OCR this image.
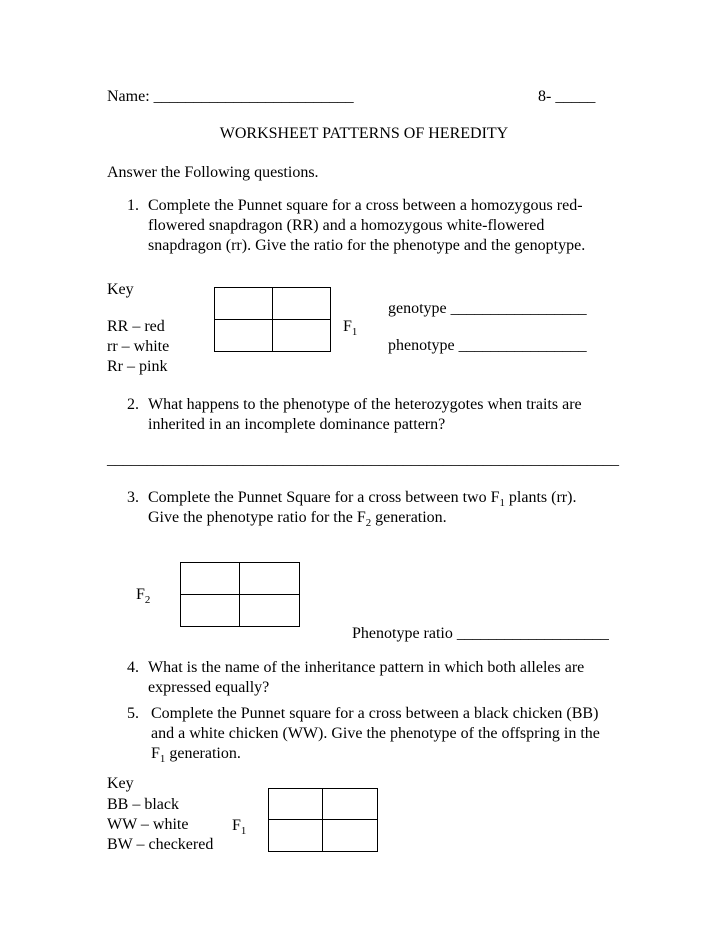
Name: _________________________	8- _____
WORKSHEET PATTERNS OF HEREDITY
Answer the Following questions.
1. Complete the Punnet square for a cross between a homozygous red-
flowered snapdragon (RR) and a homozygous white-flowered
snapdragon (rr). Give the ratio for the phenotype and the genoptype.
Key
RR – red
rr – white
Rr – pink
$F_1$
genotype _________________
phenotype ________________
2. What happens to the phenotype of the heterozygotes when traits are
inherited in an incomplete dominance pattern?
________________________________________________________________
3. Complete the Punnet Square for a cross between two $F_1$ plants (rr).
Give the phenotype ratio for the $F_2$ generation.
$F_2$
Phenotype ratio ___________________
4. What is the name of the inheritance pattern in which both alleles are
expressed equally?
5. Complete the Punnet square for a cross between a black chicken (BB)
and a white chicken (WW). Give the phenotype of the offspring in the
$F_1$ generation.
Key
BB – black
WW – white
BW – checkered
$F_1$
